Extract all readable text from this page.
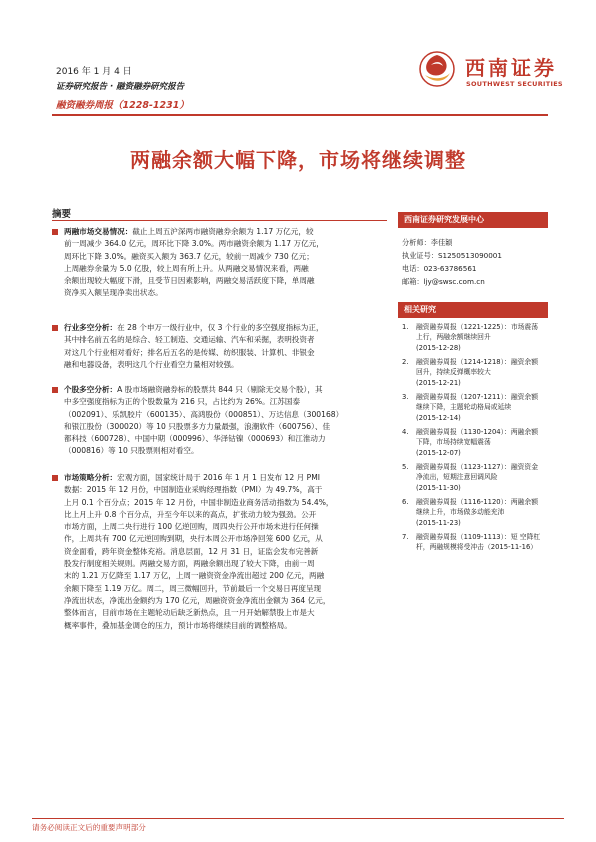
2016 年 1 月 4 日
证券研究报告 · 融资融券研究报告
融资融券周报（1228-1231）
西南证券
SOUTHWEST SECURITIES
两融余额大幅下降，市场将继续调整
摘要
两融市场交易情况：截止上周五沪深两市融资融券余额为 1.17 万亿元，较
前一周减少 364.0 亿元，周环比下降 3.0%。两市融资余额为 1.17 万亿元，
周环比下降 3.0%。融资买入额为 363.7 亿元，较前一周减少 730 亿元；
上周融券余量为 5.0 亿股，较上周有所上升。从两融交易情况来看，两融
余额出现较大幅度下滑，且受节日因素影响，两融交易活跃度下降，单周融
资净买入额呈现净卖出状态。
行业多空分析：在 28 个申万一级行业中，仅 3 个行业的多空强度指标为正，
其中排名前五名的是综合、轻工制造、交通运输、汽车和采掘，表明投资者
对这几个行业相对看好；排名后五名的是传媒、纺织服装、计算机、非银金
融和电器设备，表明这几个行业看空力量相对较强。
个股多空分析：A 股市场融资融券标的股票共 844 只（剔除无交易个股），其
中多空强度指标为正的个股数量为 216 只，占比约为 26%。江苏国泰
（002091）、乐凯胶片（600135）、高鸿股份（000851）、万达信息（300168）
和银江股份（300020）等 10 只股票多方力量最强，浪潮软件（600756）、佳
都科技（600728）、中国中期（000996）、华泽钴镍（000693）和江淮动力
（000816）等 10 只股票则相对看空。
市场策略分析：宏观方面，国家统计局于 2016 年 1 月 1 日发布 12 月 PMI
数据：2015 年 12 月份，中国制造业采购经理指数（PMI）为 49.7%，高于
上月 0.1 个百分点；2015 年 12 月份，中国非制造业商务活动指数为 54.4%，
比上月上升 0.8 个百分点，升至今年以来的高点，扩张动力较为强劲。公开
市场方面，上周二央行进行 100 亿逆回购，周四央行公开市场未进行任何操
作，上周共有 700 亿元逆回购到期，央行本周公开市场净回笼 600 亿元，从
资金面看，跨年资金整体充裕。消息层面，12 月 31 日，证监会发布完善新
股发行制度相关规则。两融交易方面，两融余额出现了较大下降，由前一周
末的 1.21 万亿降至 1.17 万亿，上周一融资资金净流出超过 200 亿元，两融
余额下降至 1.19 万亿。周二，周三微幅回升，节前最后一个交易日再度呈现
净流出状态，净流出金额约为 170 亿元，周融资资金净流出金额为 364 亿元，
整体而言，目前市场在主题轮动后缺乏新热点，且一月开始解禁股上市是大
概率事件，叠加基金调仓的压力，预计市场将继续目前的调整格局。
西南证券研究发展中心
分析师：李佳颖
执业证号：S1250513090001
电话：023-63786561
邮箱：ljy@swsc.com.cn
相关研究
1. 融资融券周报（1221-1225）：市场震荡
上行，两融余额继续回升
(2015-12-28)
2. 融资融券周报（1214-1218）：融资余额
回升，持续反弹概率较大
(2015-12-21)
3. 融资融券周报（1207-1211）：融资余额
继续下降，主题轮动格局或延续
(2015-12-14)
4. 融资融券周报（1130-1204）：两融余额
下降，市场持续宽幅震荡
(2015-12-07)
5. 融资融券周报（1123-1127）：融资资金
净流出，短期注意回调风险
(2015-11-30)
6. 融资融券周报（1116-1120）：两融余额
继续上升，市场做多动能充沛
(2015-11-23)
7. 融资融券周报（1109-1113）：短 空降杠
杆，两融规模将受冲击（2015-11-16）
请务必阅读正文后的重要声明部分
